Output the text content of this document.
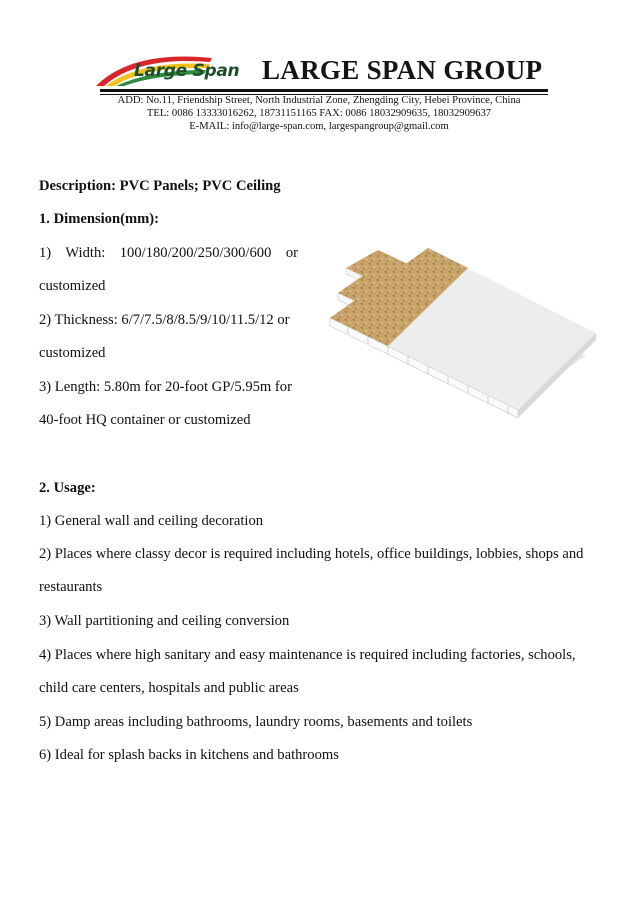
Large Span LARGE SPAN GROUP
ADD: No.11, Friendship Street, North Industrial Zone, Zhengding City, Hebei Province, China
TEL: 0086 13333016262, 18731151165 FAX: 0086 18032909635, 18032909637
E-MAIL: info@large-span.com, largespangroup@gmail.com
Description: PVC Panels; PVC Ceiling
1. Dimension(mm):
1) Width: 100/180/200/250/300/600 or
customized
2) Thickness: 6/7/7.5/8/8.5/9/10/11.5/12 or
customized
3) Length: 5.80m for 20-foot GP/5.95m for
40-foot HQ container or customized
2. Usage:
1) General wall and ceiling decoration
2) Places where classy decor is required including hotels, office buildings, lobbies, shops and
restaurants
3) Wall partitioning and ceiling conversion
4) Places where high sanitary and easy maintenance is required including factories, schools,
child care centers, hospitals and public areas
5) Damp areas including bathrooms, laundry rooms, basements and toilets
6) Ideal for splash backs in kitchens and bathrooms
